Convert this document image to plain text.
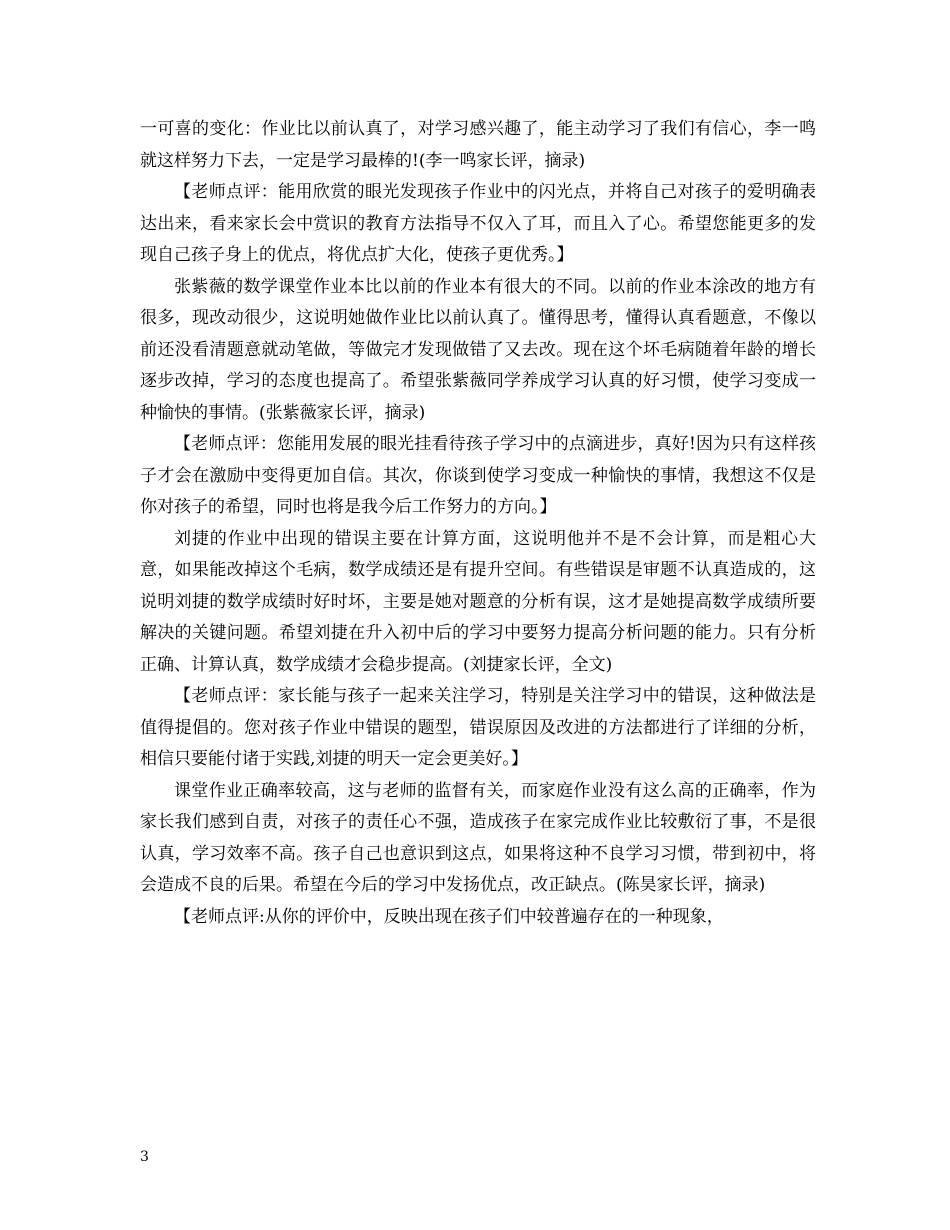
一可喜的变化：作业比以前认真了，对学习感兴趣了，能主动学习了我们有信心，李一鸣就这样努力下去，一定是学习最棒的!(李一鸣家长评，摘录)

【老师点评：能用欣赏的眼光发现孩子作业中的闪光点，并将自己对孩子的爱明确表达出来，看来家长会中赏识的教育方法指导不仅入了耳，而且入了心。希望您能更多的发现自己孩子身上的优点，将优点扩大化，使孩子更优秀。】

张紫薇的数学课堂作业本比以前的作业本有很大的不同。以前的作业本涂改的地方有很多，现改动很少，这说明她做作业比以前认真了。懂得思考，懂得认真看题意，不像以前还没看清题意就动笔做，等做完才发现做错了又去改。现在这个坏毛病随着年龄的增长逐步改掉，学习的态度也提高了。希望张紫薇同学养成学习认真的好习惯，使学习变成一种愉快的事情。(张紫薇家长评，摘录)

【老师点评：您能用发展的眼光挂看待孩子学习中的点滴进步，真好!因为只有这样孩子才会在激励中变得更加自信。其次，你谈到使学习变成一种愉快的事情，我想这不仅是你对孩子的希望，同时也将是我今后工作努力的方向。】

刘捷的作业中出现的错误主要在计算方面，这说明他并不是不会计算，而是粗心大意，如果能改掉这个毛病，数学成绩还是有提升空间。有些错误是审题不认真造成的，这说明刘捷的数学成绩时好时坏，主要是她对题意的分析有误，这才是她提高数学成绩所要解决的关键问题。希望刘捷在升入初中后的学习中要努力提高分析问题的能力。只有分析正确、计算认真，数学成绩才会稳步提高。(刘捷家长评，全文)

【老师点评：家长能与孩子一起来关注学习，特别是关注学习中的错误，这种做法是值得提倡的。您对孩子作业中错误的题型，错误原因及改进的方法都进行了详细的分析，相信只要能付诸于实践,刘捷的明天一定会更美好。】

课堂作业正确率较高，这与老师的监督有关，而家庭作业没有这么高的正确率，作为家长我们感到自责，对孩子的责任心不强，造成孩子在家完成作业比较敷衍了事，不是很认真，学习效率不高。孩子自己也意识到这点，如果将这种不良学习习惯，带到初中，将会造成不良的后果。希望在今后的学习中发扬优点，改正缺点。(陈昊家长评，摘录)

【老师点评:从你的评价中，反映出现在孩子们中较普遍存在的一种现象，

3
